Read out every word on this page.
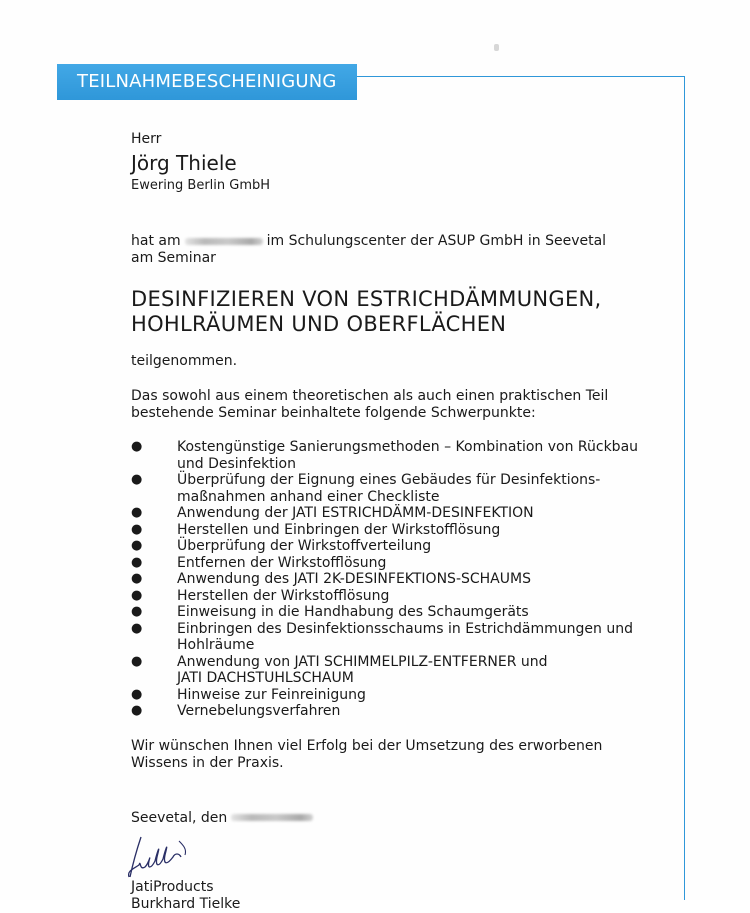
TEILNAHMEBESCHEINIGUNG
Herr
Jörg Thiele
Ewering Berlin GmbH
hat am	im Schulungscenter der ASUP GmbH in Seevetal
am Seminar
DESINFIZIEREN VON ESTRICHDÄMMUNGEN,
HOHLRÄUMEN UND OBERFLÄCHEN
teilgenommen.
Das sowohl aus einem theoretischen als auch einen praktischen Teil
bestehende Seminar beinhaltete folgende Schwerpunkte:
● Kostengünstige Sanierungsmethoden – Kombination von Rückbau
und Desinfektion
● Überprüfung der Eignung eines Gebäudes für Desinfektions-
maßnahmen anhand einer Checkliste
● Anwendung der JATI ESTRICHDÄMM-DESINFEKTION
● Herstellen und Einbringen der Wirkstofflösung
● Überprüfung der Wirkstoffverteilung
● Entfernen der Wirkstofflösung
● Anwendung des JATI 2K-DESINFEKTIONS-SCHAUMS
● Herstellen der Wirkstofflösung
● Einweisung in die Handhabung des Schaumgeräts
● Einbringen des Desinfektionsschaums in Estrichdämmungen und
Hohlräume
● Anwendung von JATI SCHIMMELPILZ-ENTFERNER und
JATI DACHSTUHLSCHAUM
● Hinweise zur Feinreinigung
● Vernebelungsverfahren
Wir wünschen Ihnen viel Erfolg bei der Umsetzung des erworbenen
Wissens in der Praxis.
Seevetal, den
JatiProducts
Burkhard Tielke
